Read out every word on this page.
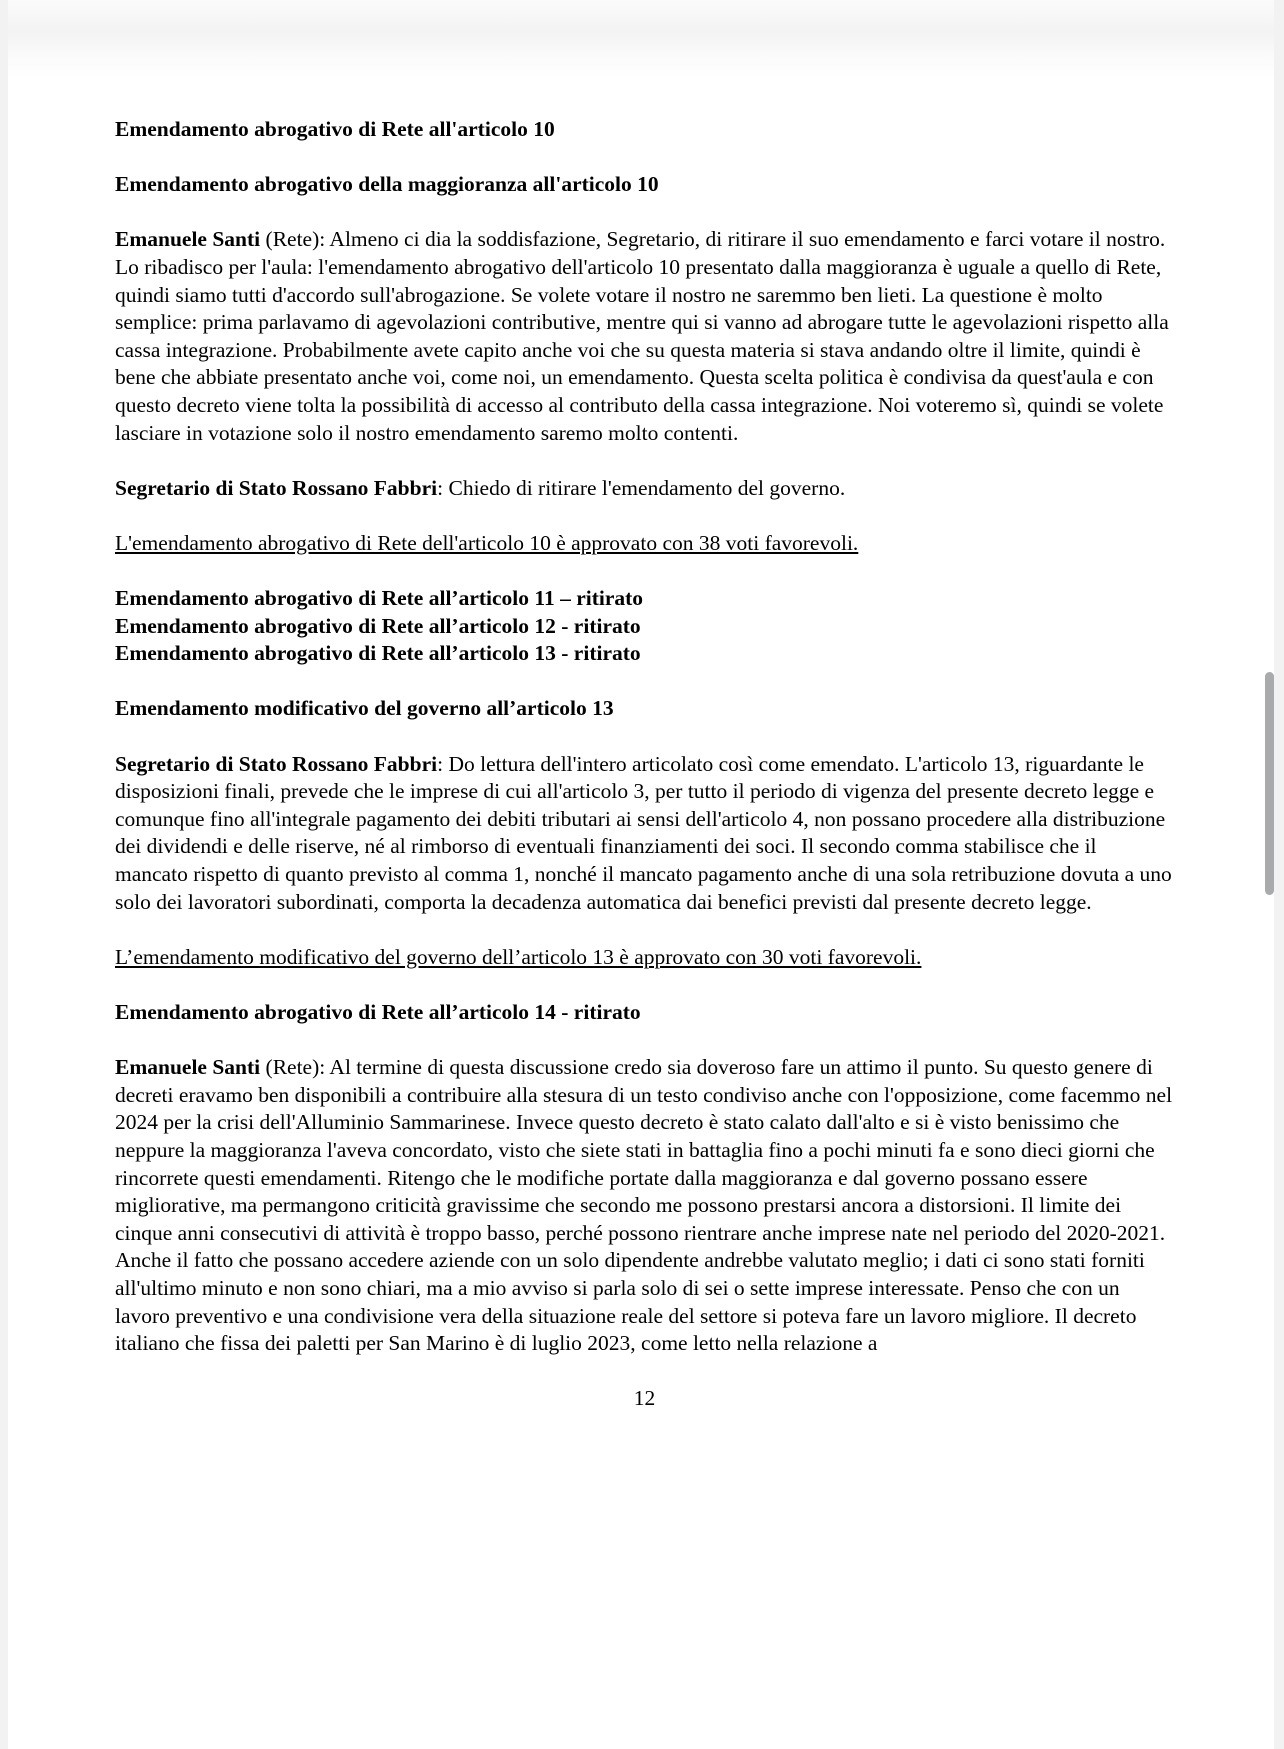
Emendamento abrogativo di Rete all'articolo 10

Emendamento abrogativo della maggioranza all'articolo 10

Emanuele Santi (Rete): Almeno ci dia la soddisfazione, Segretario, di ritirare il suo emendamento e farci votare il nostro. Lo ribadisco per l'aula: l'emendamento abrogativo dell'articolo 10 presentato dalla maggioranza è uguale a quello di Rete, quindi siamo tutti d'accordo sull'abrogazione. Se volete votare il nostro ne saremmo ben lieti. La questione è molto semplice: prima parlavamo di agevolazioni contributive, mentre qui si vanno ad abrogare tutte le agevolazioni rispetto alla cassa integrazione. Probabilmente avete capito anche voi che su questa materia si stava andando oltre il limite, quindi è bene che abbiate presentato anche voi, come noi, un emendamento. Questa scelta politica è condivisa da quest'aula e con questo decreto viene tolta la possibilità di accesso al contributo della cassa integrazione. Noi voteremo sì, quindi se volete lasciare in votazione solo il nostro emendamento saremo molto contenti.

Segretario di Stato Rossano Fabbri: Chiedo di ritirare l'emendamento del governo.

L'emendamento abrogativo di Rete dell'articolo 10 è approvato con 38 voti favorevoli.

Emendamento abrogativo di Rete all’articolo 11 – ritirato
Emendamento abrogativo di Rete all’articolo 12 - ritirato
Emendamento abrogativo di Rete all’articolo 13 - ritirato

Emendamento modificativo del governo all’articolo 13

Segretario di Stato Rossano Fabbri: Do lettura dell'intero articolato così come emendato. L'articolo 13, riguardante le disposizioni finali, prevede che le imprese di cui all'articolo 3, per tutto il periodo di vigenza del presente decreto legge e comunque fino all'integrale pagamento dei debiti tributari ai sensi dell'articolo 4, non possano procedere alla distribuzione dei dividendi e delle riserve, né al rimborso di eventuali finanziamenti dei soci. Il secondo comma stabilisce che il mancato rispetto di quanto previsto al comma 1, nonché il mancato pagamento anche di una sola retribuzione dovuta a uno solo dei lavoratori subordinati, comporta la decadenza automatica dai benefici previsti dal presente decreto legge.

L’emendamento modificativo del governo dell’articolo 13 è approvato con 30 voti favorevoli.

Emendamento abrogativo di Rete all’articolo 14 - ritirato

Emanuele Santi (Rete): Al termine di questa discussione credo sia doveroso fare un attimo il punto. Su questo genere di decreti eravamo ben disponibili a contribuire alla stesura di un testo condiviso anche con l'opposizione, come facemmo nel 2024 per la crisi dell'Alluminio Sammarinese. Invece questo decreto è stato calato dall'alto e si è visto benissimo che neppure la maggioranza l'aveva concordato, visto che siete stati in battaglia fino a pochi minuti fa e sono dieci giorni che rincorrete questi emendamenti. Ritengo che le modifiche portate dalla maggioranza e dal governo possano essere migliorative, ma permangono criticità gravissime che secondo me possono prestarsi ancora a distorsioni. Il limite dei cinque anni consecutivi di attività è troppo basso, perché possono rientrare anche imprese nate nel periodo del 2020-2021. Anche il fatto che possano accedere aziende con un solo dipendente andrebbe valutato meglio; i dati ci sono stati forniti all'ultimo minuto e non sono chiari, ma a mio avviso si parla solo di sei o sette imprese interessate. Penso che con un lavoro preventivo e una condivisione vera della situazione reale del settore si poteva fare un lavoro migliore. Il decreto italiano che fissa dei paletti per San Marino è di luglio 2023, come letto nella relazione a

12
